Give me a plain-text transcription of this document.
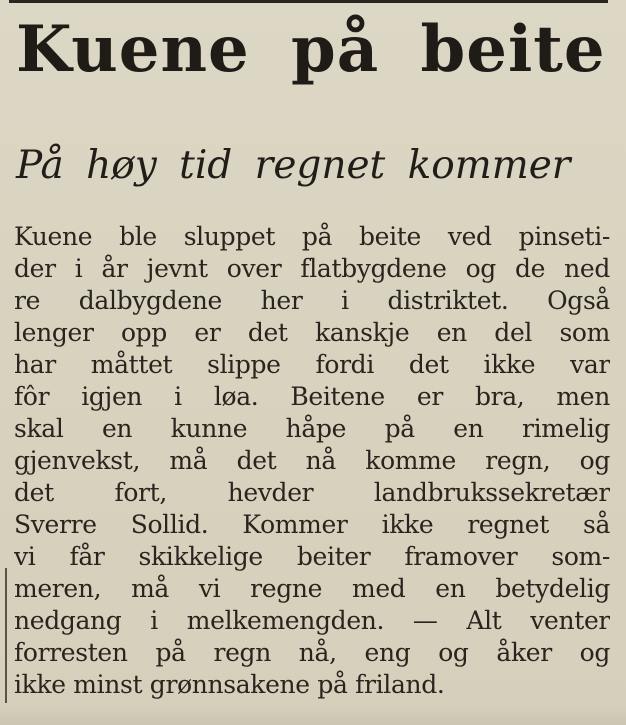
Kuene på beite
På høy tid regnet kommer
Kuene ble sluppet på beite ved pinseti-
der i år jevnt over flatbygdene og de ned
re dalbygdene her i distriktet. Også
lenger opp er det kanskje en del som
har måttet slippe fordi det ikke var
fôr igjen i løa. Beitene er bra, men
skal en kunne håpe på en rimelig
gjenvekst, må det nå komme regn, og
det fort, hevder landbrukssekretær
Sverre Sollid. Kommer ikke regnet så
vi får skikkelige beiter framover som-
meren, må vi regne med en betydelig
nedgang i melkemengden. — Alt venter
forresten på regn nå, eng og åker og
ikke minst grønnsakene på friland.
